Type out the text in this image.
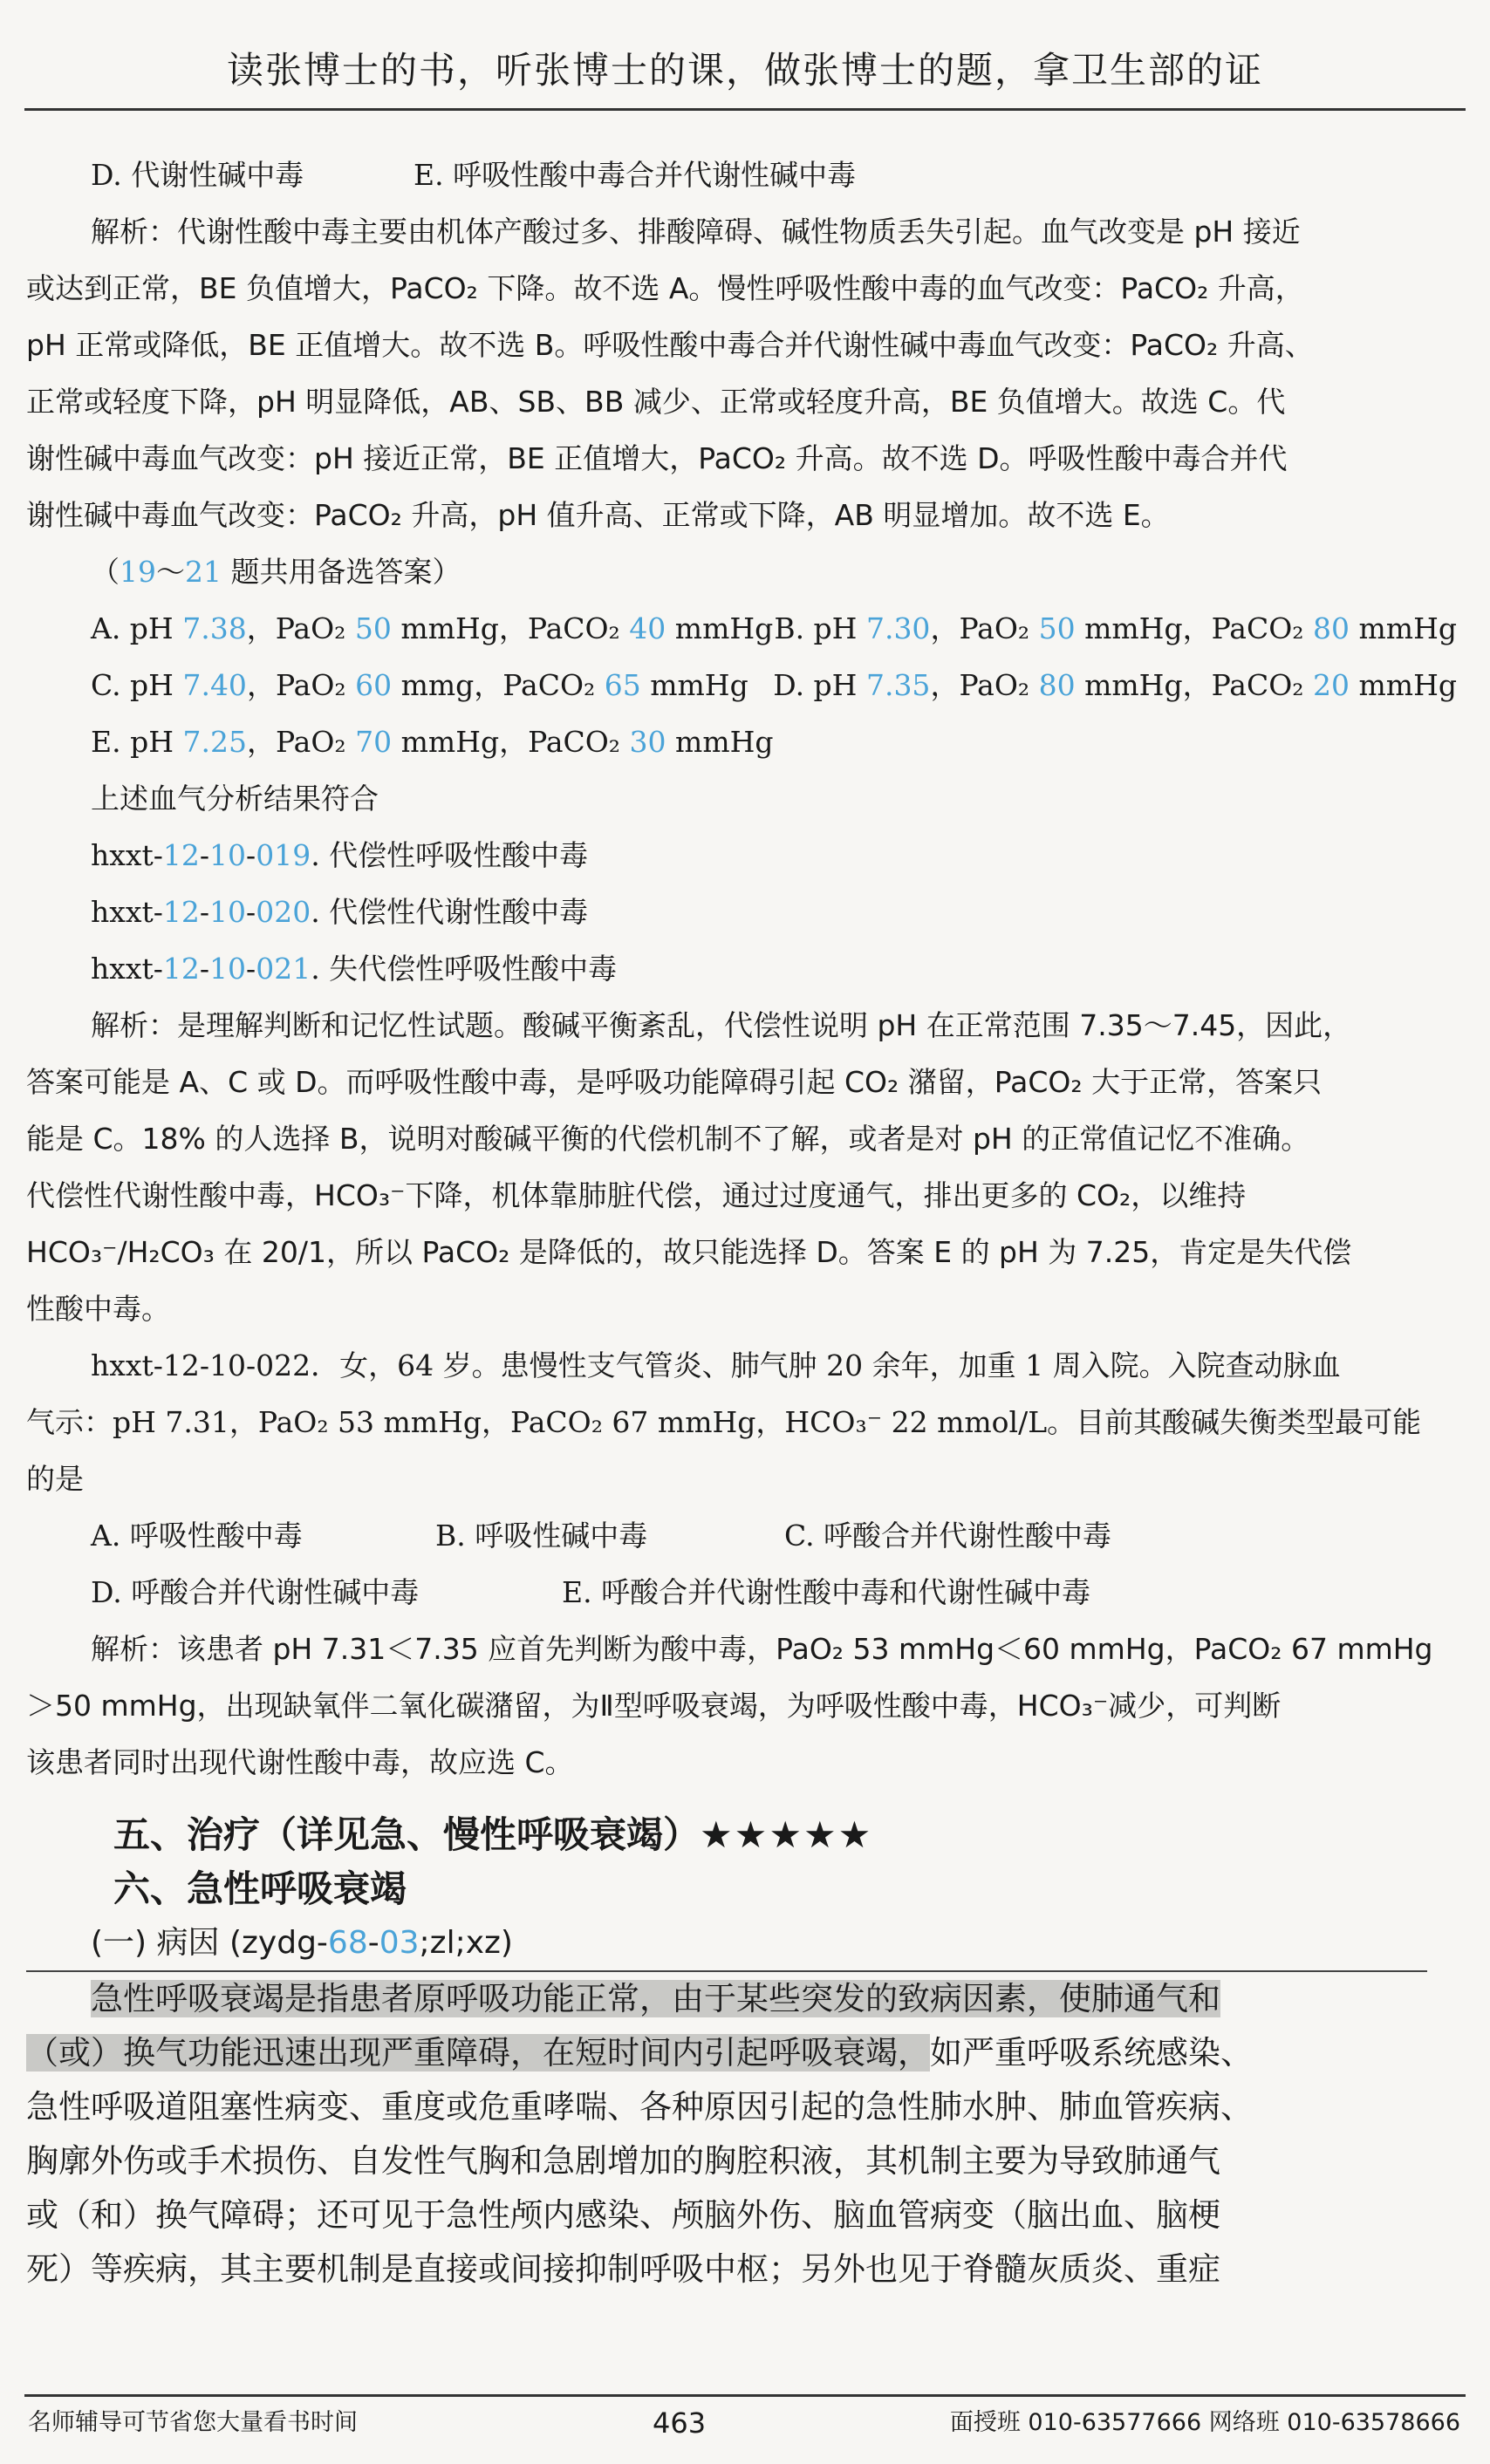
读张博士的书，听张博士的课，做张博士的题，拿卫生部的证
D. 代谢性碱中毒	E. 呼吸性酸中毒合并代谢性碱中毒
解析：代谢性酸中毒主要由机体产酸过多、排酸障碍、碱性物质丢失引起。血气改变是 pH 接近
或达到正常，BE 负值增大，PaCO₂ 下降。故不选 A。慢性呼吸性酸中毒的血气改变：PaCO₂ 升高，
pH 正常或降低，BE 正值增大。故不选 B。呼吸性酸中毒合并代谢性碱中毒血气改变：PaCO₂ 升高、
正常或轻度下降，pH 明显降低，AB、SB、BB 减少、正常或轻度升高，BE 负值增大。故选 C。代
谢性碱中毒血气改变：pH 接近正常，BE 正值增大，PaCO₂ 升高。故不选 D。呼吸性酸中毒合并代
谢性碱中毒血气改变：PaCO₂ 升高，pH 值升高、正常或下降，AB 明显增加。故不选 E。
（19～21 题共用备选答案）
A. pH 7.38，PaO₂ 50 mmHg，PaCO₂ 40 mmHg B. pH 7.30，PaO₂ 50 mmHg，PaCO₂ 80 mmHg
C. pH 7.40，PaO₂ 60 mmg，PaCO₂ 65 mmHg D. pH 7.35，PaO₂ 80 mmHg，PaCO₂ 20 mmHg
E. pH 7.25，PaO₂ 70 mmHg，PaCO₂ 30 mmHg
上述血气分析结果符合
hxxt-12-10-019. 代偿性呼吸性酸中毒
hxxt-12-10-020. 代偿性代谢性酸中毒
hxxt-12-10-021. 失代偿性呼吸性酸中毒
解析：是理解判断和记忆性试题。酸碱平衡紊乱，代偿性说明 pH 在正常范围 7.35～7.45，因此，
答案可能是 A、C 或 D。而呼吸性酸中毒，是呼吸功能障碍引起 CO₂ 潴留，PaCO₂ 大于正常，答案只
能是 C。18% 的人选择 B，说明对酸碱平衡的代偿机制不了解，或者是对 pH 的正常值记忆不准确。
代偿性代谢性酸中毒，HCO₃⁻下降，机体靠肺脏代偿，通过过度通气，排出更多的 CO₂，以维持
HCO₃⁻/H₂CO₃ 在 20/1，所以 PaCO₂ 是降低的，故只能选择 D。答案 E 的 pH 为 7.25，肯定是失代偿
性酸中毒。
hxxt-12-10-022．女，64 岁。患慢性支气管炎、肺气肿 20 余年，加重 1 周入院。入院查动脉血
气示：pH 7.31，PaO₂ 53 mmHg，PaCO₂ 67 mmHg，HCO₃⁻ 22 mmol/L。目前其酸碱失衡类型最可能
的是
A. 呼吸性酸中毒	B. 呼吸性碱中毒	C. 呼酸合并代谢性酸中毒
D. 呼酸合并代谢性碱中毒	E. 呼酸合并代谢性酸中毒和代谢性碱中毒
解析：该患者 pH 7.31＜7.35 应首先判断为酸中毒，PaO₂ 53 mmHg＜60 mmHg，PaCO₂ 67 mmHg
＞50 mmHg，出现缺氧伴二氧化碳潴留，为Ⅱ型呼吸衰竭，为呼吸性酸中毒，HCO₃⁻减少，可判断
该患者同时出现代谢性酸中毒，故应选 C。
五、治疗（详见急、慢性呼吸衰竭）★★★★★
六、急性呼吸衰竭
(一) 病因 (zydg-68-03;zl;xz)
急性呼吸衰竭是指患者原呼吸功能正常，由于某些突发的致病因素，使肺通气和
（或）换气功能迅速出现严重障碍，在短时间内引起呼吸衰竭，如严重呼吸系统感染、
急性呼吸道阻塞性病变、重度或危重哮喘、各种原因引起的急性肺水肿、肺血管疾病、
胸廓外伤或手术损伤、自发性气胸和急剧增加的胸腔积液，其机制主要为导致肺通气
或（和）换气障碍；还可见于急性颅内感染、颅脑外伤、脑血管病变（脑出血、脑梗
死）等疾病，其主要机制是直接或间接抑制呼吸中枢；另外也见于脊髓灰质炎、重症
名师辅导可节省您大量看书时间	463	面授班 010-63577666 网络班 010-63578666
